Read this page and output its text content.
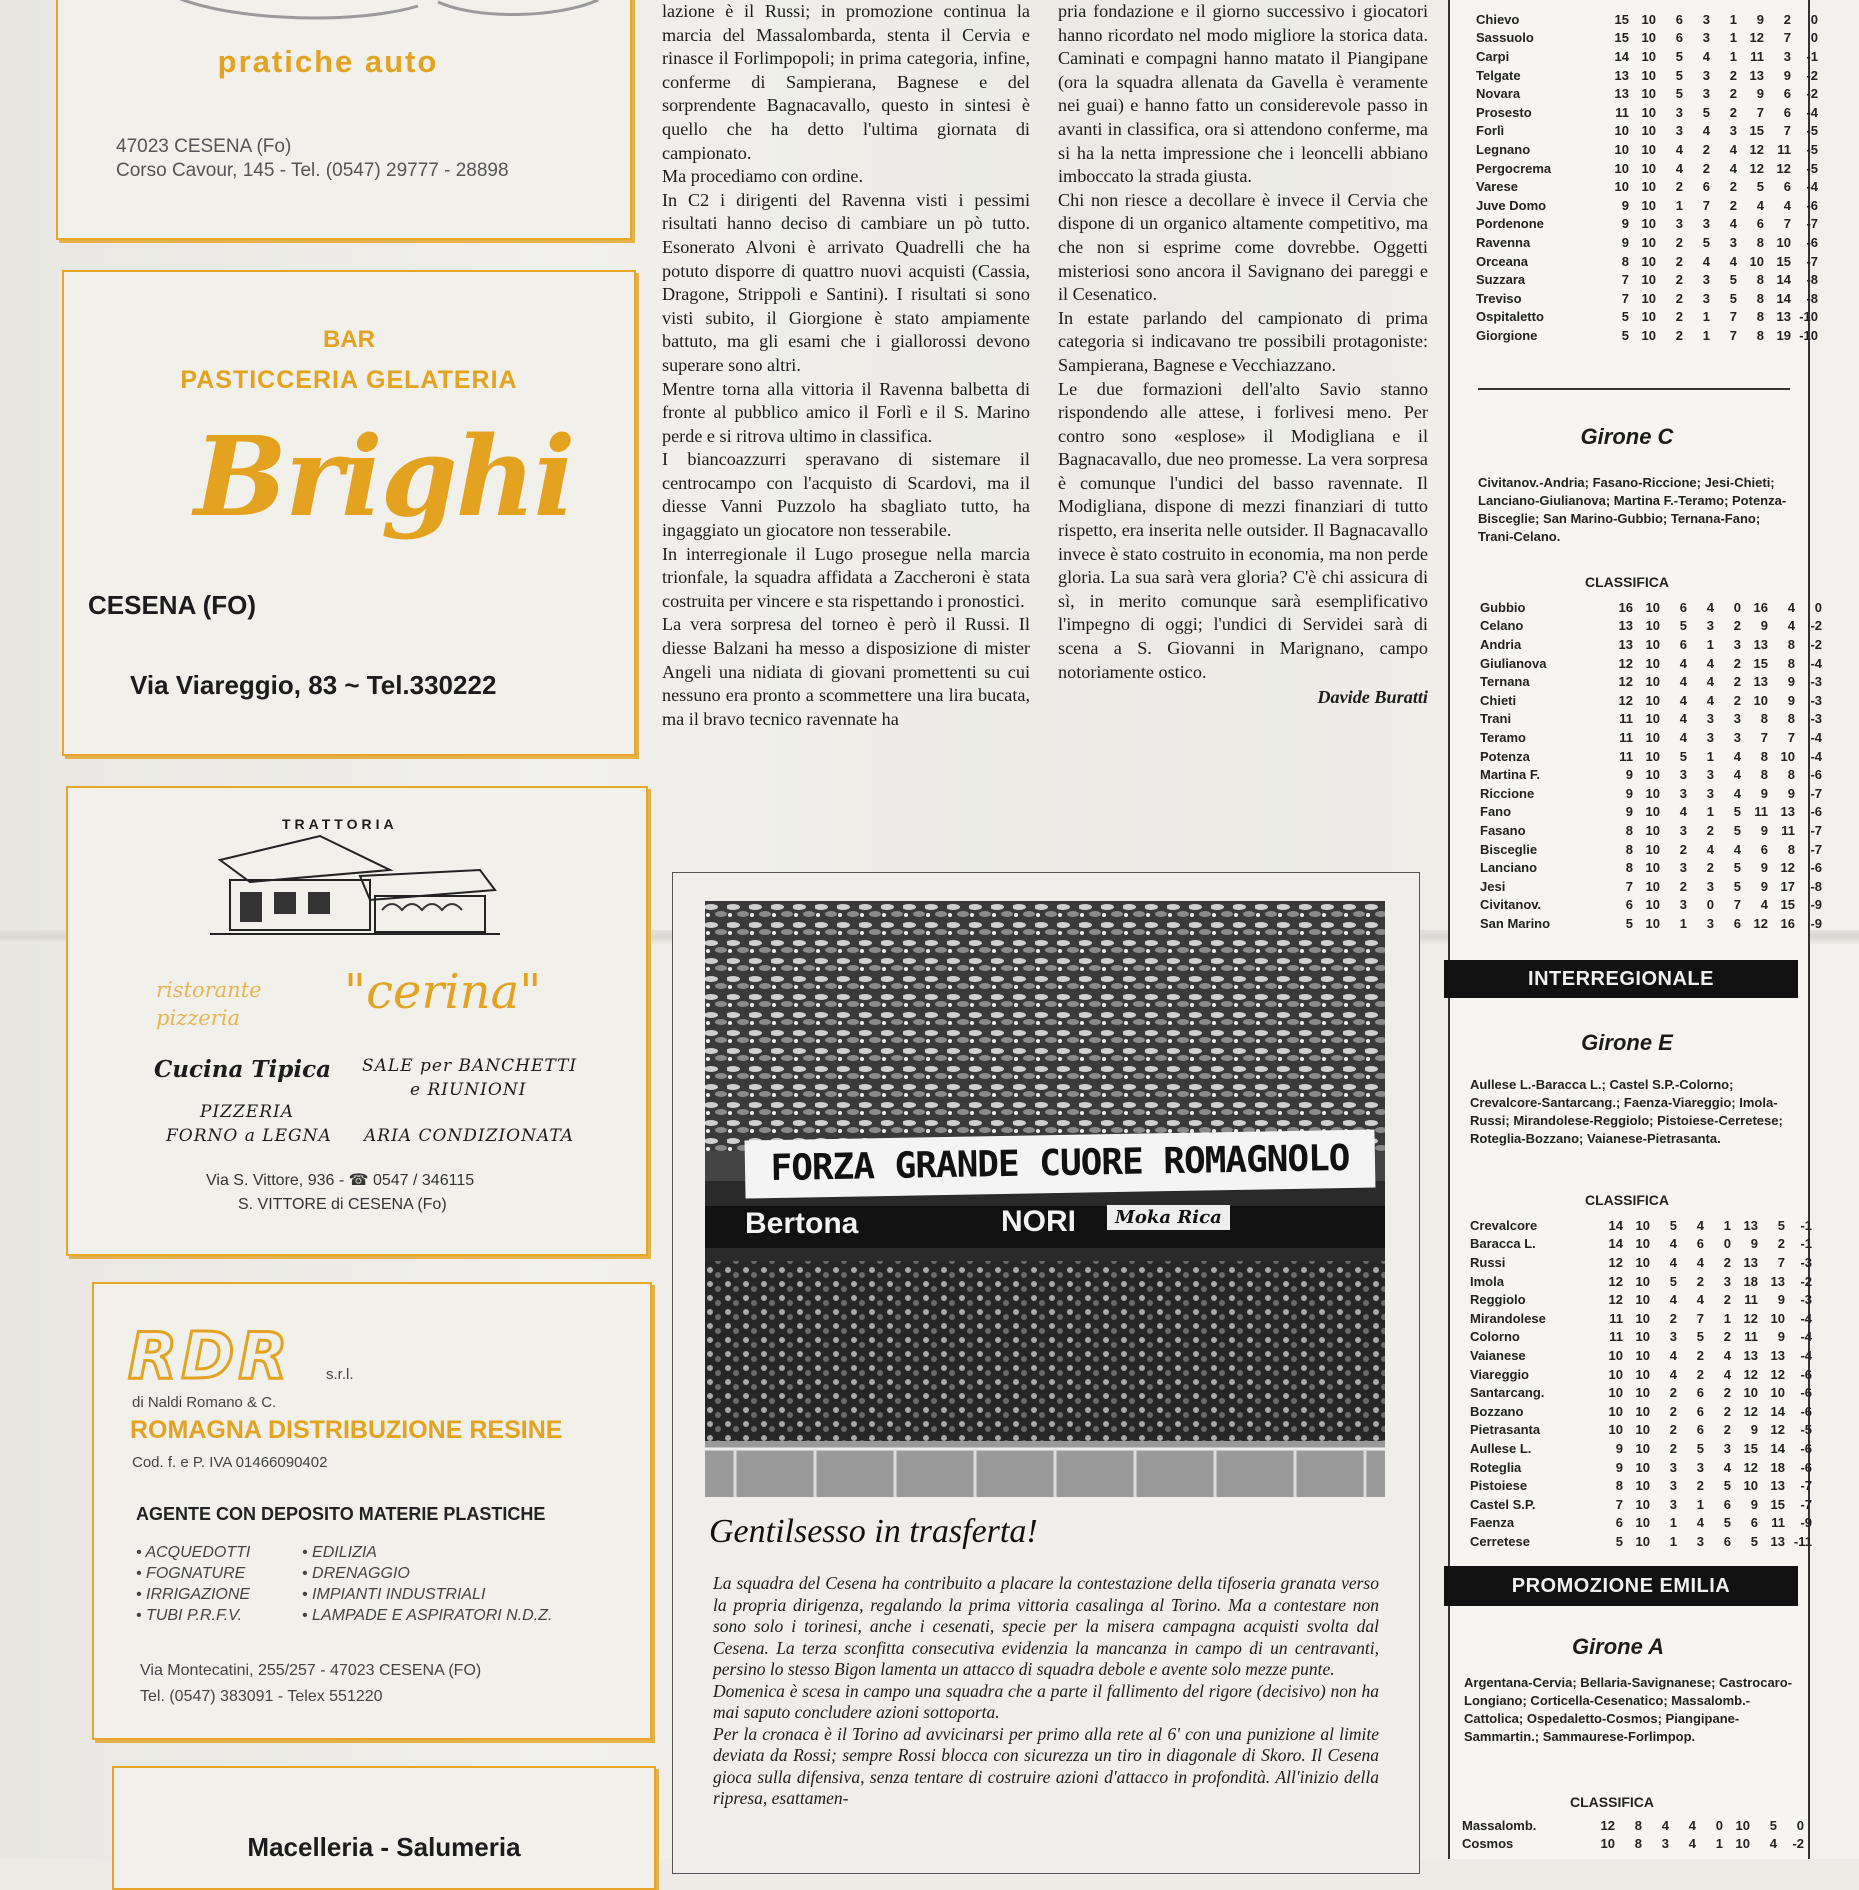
pratiche auto
47023 CESENA (Fo)
Corso Cavour, 145 - Tel. (0547) 29777 - 28898
BAR
PASTICCERIA GELATERIA
Brighi
CESENA (FO)
Via Viareggio, 83 ~ Tel.330222
TRATTORIA
ristorante
pizzeria "cerina"
Cucina Tipica SALE per BANCHETTI
e RIUNIONI
PIZZERIA
FORNO a LEGNA ARIA CONDIZIONATA
Via S. Vittore, 936 - ☎ 0547 / 346115
S. VITTORE di CESENA (Fo)
RDR s.r.l.
di Naldi Romano & C.
ROMAGNA DISTRIBUZIONE RESINE
Cod. f. e P. IVA 01466090402
AGENTE CON DEPOSITO MATERIE PLASTICHE
• ACQUEDOTTI
• FOGNATURE
• IRRIGAZIONE
• TUBI P.R.F.V.
• EDILIZIA
• DRENAGGIO
• IMPIANTI INDUSTRIALI
• LAMPADE E ASPIRATORI N.D.Z.
Via Montecatini, 255/257 - 47023 CESENA (FO)
Tel. (0547) 383091 - Telex 551220
Macelleria - Salumeria

lazione è il Russi; in promozione continua la marcia del Massalombarda, stenta il Cervia e rinasce il Forlimpopoli; in prima categoria, infine, conferme di Sampierana, Bagnese e del sorprendente Bagnacavallo, questo in sintesi è quello che ha detto l'ultima giornata di campionato.

Ma procediamo con ordine.

In C2 i dirigenti del Ravenna visti i pessimi risultati hanno deciso di cambiare un pò tutto. Esonerato Alvoni è arrivato Quadrelli che ha potuto disporre di quattro nuovi acquisti (Cassia, Dragone, Strippoli e Santini). I risultati si sono visti subito, il Giorgione è stato ampiamente battuto, ma gli esami che i giallorossi devono superare sono altri.

Mentre torna alla vittoria il Ravenna balbetta di fronte al pubblico amico il Forlì e il S. Marino perde e si ritrova ultimo in classifica.

I biancoazzurri speravano di sistemare il centrocampo con l'acquisto di Scardovi, ma il diesse Vanni Puzzolo ha sbagliato tutto, ha ingaggiato un giocatore non tesserabile.

In interregionale il Lugo prosegue nella marcia trionfale, la squadra affidata a Zaccheroni è stata costruita per vincere e sta rispettando i pronostici.

La vera sorpresa del torneo è però il Russi. Il diesse Balzani ha messo a disposizione di mister Angeli una nidiata di giovani promettenti su cui nessuno era pronto a scommettere una lira bucata, ma il bravo tecnico ravennate ha

pria fondazione e il giorno successivo i giocatori hanno ricordato nel modo migliore la storica data. Caminati e compagni hanno matato il Piangipane (ora la squadra allenata da Gavella è veramente nei guai) e hanno fatto un considerevole passo in avanti in classifica, ora si attendono conferme, ma si ha la netta impressione che i leoncelli abbiano imboccato la strada giusta.

Chi non riesce a decollare è invece il Cervia che dispone di un organico altamente competitivo, ma che non si esprime come dovrebbe. Oggetti misteriosi sono ancora il Savignano dei pareggi e il Cesenatico.

In estate parlando del campionato di prima categoria si indicavano tre possibili protagoniste: Sampierana, Bagnese e Vecchiazzano.

Le due formazioni dell'alto Savio stanno rispondendo alle attese, i forlivesi meno. Per contro sono «esplose» il Modigliana e il Bagnacavallo, due neo promesse. La vera sorpresa è comunque l'undici del basso ravennate. Il Modigliana, dispone di mezzi finanziari di tutto rispetto, era inserita nelle outsider. Il Bagnacavallo invece è stato costruito in economia, ma non perde gloria. La sua sarà vera gloria? C'è chi assicura di sì, in merito comunque sarà esemplificativo l'impegno di oggi; l'undici di Servidei sarà di scena a S. Giovanni in Marignano, campo notoriamente ostico.

Davide Buratti

FORZA GRANDE CUORE ROMAGNOLO
Bertona	NORI	Moka Rica
Gentilsesso in trasferta!

La squadra del Cesena ha contribuito a placare la contestazione della tifoseria granata verso la propria dirigenza, regalando la prima vittoria casalinga al Torino. Ma a contestare non sono solo i torinesi, anche i cesenati, specie per la misera campagna acquisti svolta dal Cesena. La terza sconfitta consecutiva evidenzia la mancanza in campo di un centravanti, persino lo stesso Bigon lamenta un attacco di squadra debole e avente solo mezze punte.

Domenica è scesa in campo una squadra che a parte il fallimento del rigore (decisivo) non ha mai saputo concludere azioni sottoporta.

Per la cronaca è il Torino ad avvicinarsi per primo alla rete al 6' con una punizione al limite deviata da Rossi; sempre Rossi blocca con sicurezza un tiro in diagonale di Skoro. Il Cesena gioca sulla difensiva, senza tentare di costruire azioni d'attacco in profondità. All'inizio della ripresa, esattamen-

Chievo	15	10	6	3	1	9	2	0
Sassuolo	15	10	6	3	1	12	7	0
Carpi	14	10	5	4	1	11	3	-1
Telgate	13	10	5	3	2	13	9	-2
Novara	13	10	5	3	2	9	6	-2
Prosesto	11	10	3	5	2	7	6	-4
Forlì	10	10	3	4	3	15	7	-5
Legnano	10	10	4	2	4	12	11	-5
Pergocrema	10	10	4	2	4	12	12	-5
Varese	10	10	2	6	2	5	6	-4
Juve Domo	9	10	1	7	2	4	4	-6
Pordenone	9	10	3	3	4	6	7	-7
Ravenna	9	10	2	5	3	8	10	-6
Orceana	8	10	2	4	4	10	15	-7
Suzzara	7	10	2	3	5	8	14	-8
Treviso	7	10	2	3	5	8	14	-8
Ospitaletto	5	10	2	1	7	8	13	-10
Giorgione	5	10	2	1	7	8	19	-10
Girone C
Civitanov.-Andria; Fasano-Riccione; Jesi-Chieti; Lanciano-Giulianova; Martina F.-Teramo; Potenza-Bisceglie; San Marino-Gubbio; Ternana-Fano; Trani-Celano.
CLASSIFICA
Gubbio	16	10	6	4	0	16	4	0
Celano	13	10	5	3	2	9	4	-2
Andria	13	10	6	1	3	13	8	-2
Giulianova	12	10	4	4	2	15	8	-4
Ternana	12	10	4	4	2	13	9	-3
Chieti	12	10	4	4	2	10	9	-3
Trani	11	10	4	3	3	8	8	-3
Teramo	11	10	4	3	3	7	7	-4
Potenza	11	10	5	1	4	8	10	-4
Martina F.	9	10	3	3	4	8	8	-6
Riccione	9	10	3	3	4	9	9	-7
Fano	9	10	4	1	5	11	13	-6
Fasano	8	10	3	2	5	9	11	-7
Bisceglie	8	10	2	4	4	6	8	-7
Lanciano	8	10	3	2	5	9	12	-6
Jesi	7	10	2	3	5	9	17	-8
Civitanov.	6	10	3	0	7	4	15	-9
San Marino	5	10	1	3	6	12	16	-9
INTERREGIONALE
Girone E
Aullese L.-Baracca L.; Castel S.P.-Colorno; Crevalcore-Santarcang.; Faenza-Viareggio; Imola-Russi; Mirandolese-Reggiolo; Pistoiese-Cerretese; Roteglia-Bozzano; Vaianese-Pietrasanta.
CLASSIFICA
Crevalcore	14	10	5	4	1	13	5	-1
Baracca L.	14	10	4	6	0	9	2	-1
Russi	12	10	4	4	2	13	7	-3
Imola	12	10	5	2	3	18	13	-2
Reggiolo	12	10	4	4	2	11	9	-3
Mirandolese	11	10	2	7	1	12	10	-4
Colorno	11	10	3	5	2	11	9	-4
Vaianese	10	10	4	2	4	13	13	-4
Viareggio	10	10	4	2	4	12	12	-6
Santarcang.	10	10	2	6	2	10	10	-6
Bozzano	10	10	2	6	2	12	14	-6
Pietrasanta	10	10	2	6	2	9	12	-5
Aullese L.	9	10	2	5	3	15	14	-6
Roteglia	9	10	3	3	4	12	18	-6
Pistoiese	8	10	3	2	5	10	13	-7
Castel S.P.	7	10	3	1	6	9	15	-7
Faenza	6	10	1	4	5	6	11	-9
Cerretese	5	10	1	3	6	5	13	-11
PROMOZIONE EMILIA
Girone A
Argentana-Cervia; Bellaria-Savignanese; Castrocaro-Longiano; Corticella-Cesenatico; Massalomb.-Cattolica; Ospedaletto-Cosmos; Piangipane-Sammartin.; Sammaurese-Forlimpop.
CLASSIFICA
Massalomb.	12	8	4	4	0	10	5	0
Cosmos	10	8	3	4	1	10	4	-2
